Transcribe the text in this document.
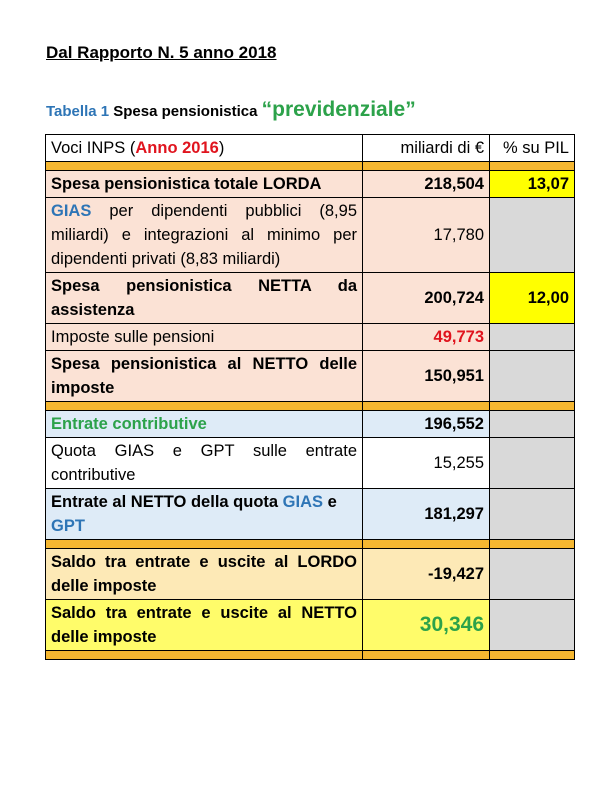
Dal Rapporto N. 5 anno 2018
Tabella 1 Spesa pensionistica “previdenziale”
Voci INPS (Anno 2016)	miliardi di €	% su PIL

Spesa pensionistica totale LORDA	218,504	13,07
GIAS per dipendenti pubblici (8,95 miliardi) e integrazioni al minimo per dipendenti privati (8,83 miliardi)	17,780	
Spesa pensionistica NETTA da assistenza	200,724	12,00
Imposte sulle pensioni	49,773	
Spesa pensionistica al NETTO delle imposte	150,951	

Entrate contributive	196,552	
Quota GIAS e GPT sulle entrate contributive	15,255	
Entrate al NETTO della quota GIAS e GPT	181,297	

Saldo tra entrate e uscite al LORDO delle imposte	-19,427	
Saldo tra entrate e uscite al NETTO delle imposte	30,346	
